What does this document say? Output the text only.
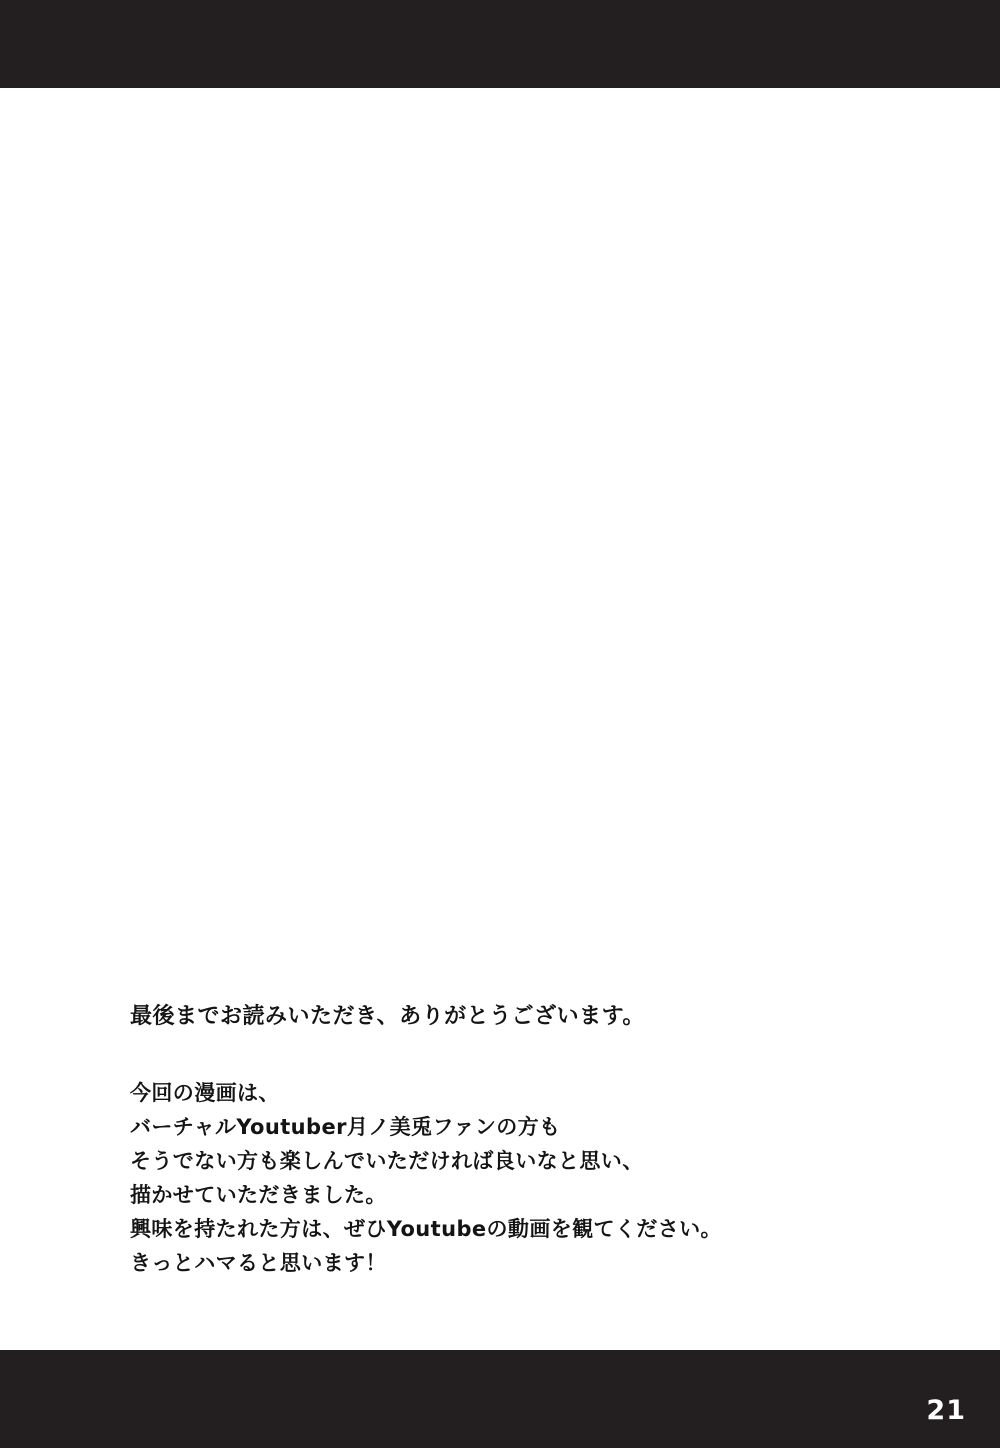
最後までお読みいただき、ありがとうございます。

今回の漫画は、

バーチャルYoutuber月ノ美兎ファンの方も

そうでない方も楽しんでいただければ良いなと思い、

描かせていただきました。

興味を持たれた方は、ぜひYoutubeの動画を観てください。

きっとハマると思います！

21
